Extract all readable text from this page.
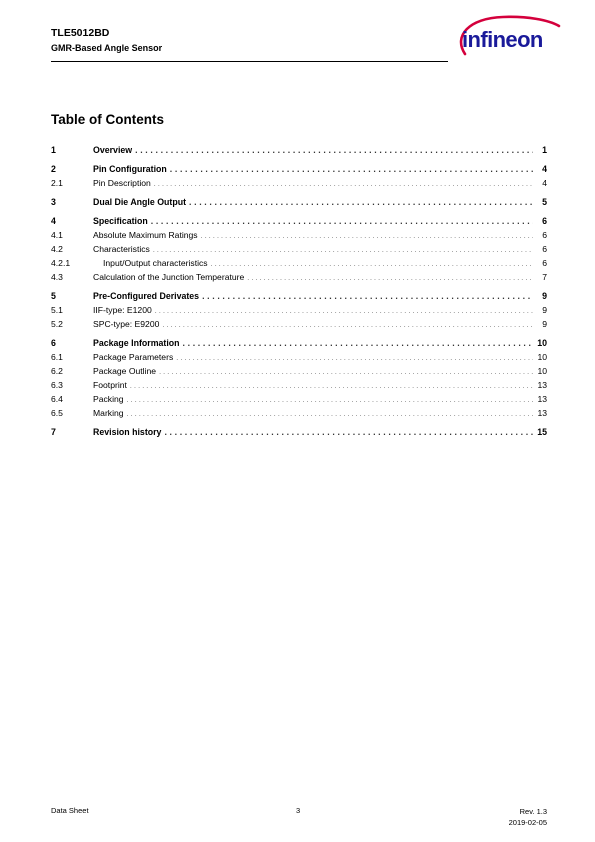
TLE5012BD
GMR-Based Angle Sensor	infineon
Table of Contents
1	Overview . . .	1
2	Pin Configuration . . .	4
2.1	Pin Description . . .	4
3	Dual Die Angle Output . . .	5
4	Specification . . .	6
4.1	Absolute Maximum Ratings . . .	6
4.2	Characteristics . . .	6
4.2.1	Input/Output characteristics . . .	6
4.3	Calculation of the Junction Temperature . . .	7
5	Pre-Configured Derivates . . .	9
5.1	IIF-type: E1200 . . .	9
5.2	SPC-type: E9200 . . .	9
6	Package Information . . .	10
6.1	Package Parameters . . .	10
6.2	Package Outline . . .	10
6.3	Footprint . . .	13
6.4	Packing . . .	13
6.5	Marking . . .	13
7	Revision history . . .	15
Data Sheet	3	Rev. 1.3
2019-02-05
